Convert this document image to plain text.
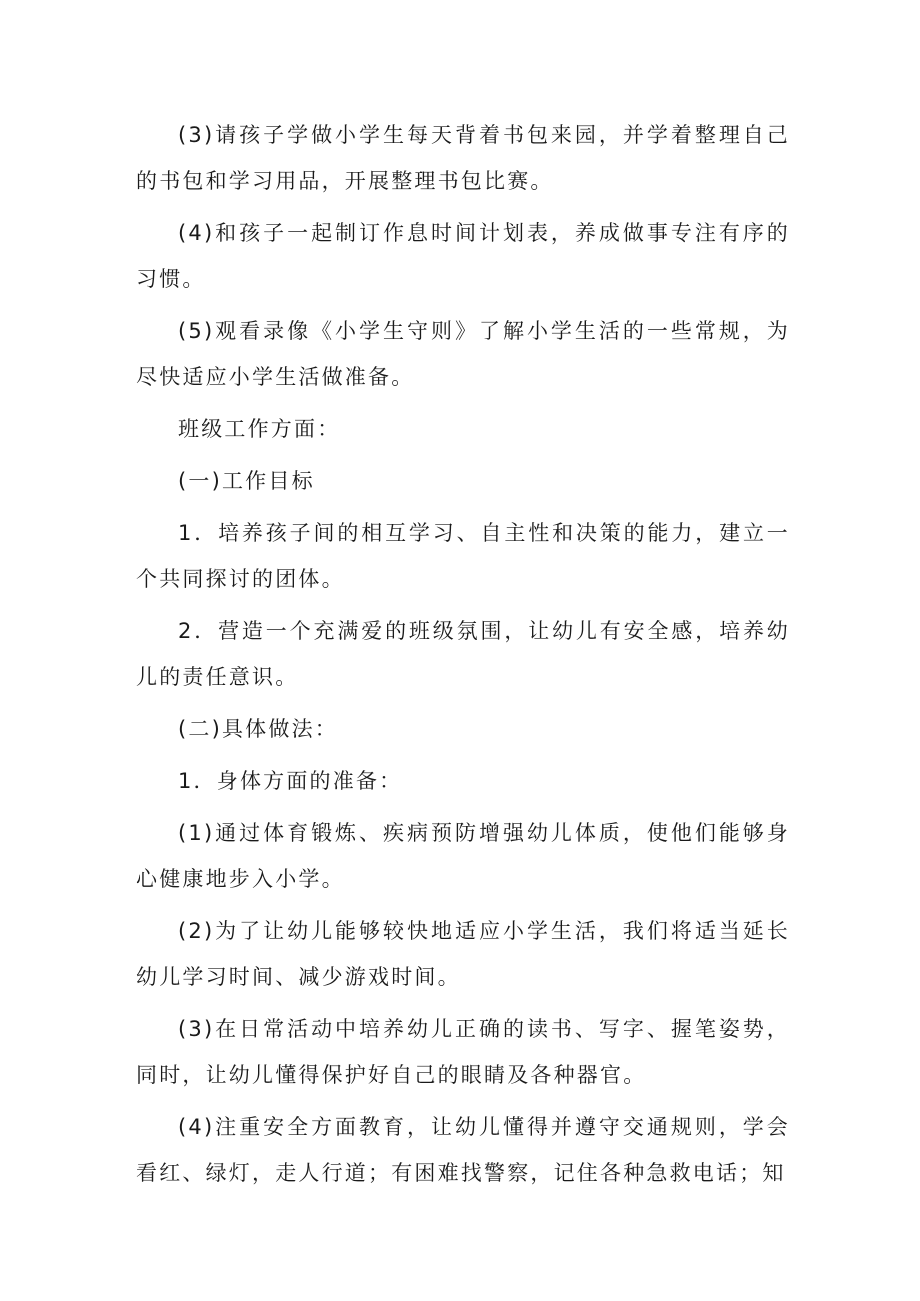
(3)请孩子学做小学生每天背着书包来园，并学着整理自己的书包和学习用品，开展整理书包比赛。

(4)和孩子一起制订作息时间计划表，养成做事专注有序的习惯。

(5)观看录像《小学生守则》了解小学生活的一些常规，为尽快适应小学生活做准备。

班级工作方面：

(一)工作目标

1．培养孩子间的相互学习、自主性和决策的能力，建立一个共同探讨的团体。

2．营造一个充满爱的班级氛围，让幼儿有安全感，培养幼儿的责任意识。

(二)具体做法：

1．身体方面的准备：

(1)通过体育锻炼、疾病预防增强幼儿体质，使他们能够身心健康地步入小学。

(2)为了让幼儿能够较快地适应小学生活，我们将适当延长幼儿学习时间、减少游戏时间。

(3)在日常活动中培养幼儿正确的读书、写字、握笔姿势，同时，让幼儿懂得保护好自己的眼睛及各种器官。

(4)注重安全方面教育，让幼儿懂得并遵守交通规则，学会看红、绿灯，走人行道；有困难找警察，记住各种急救电话；知
